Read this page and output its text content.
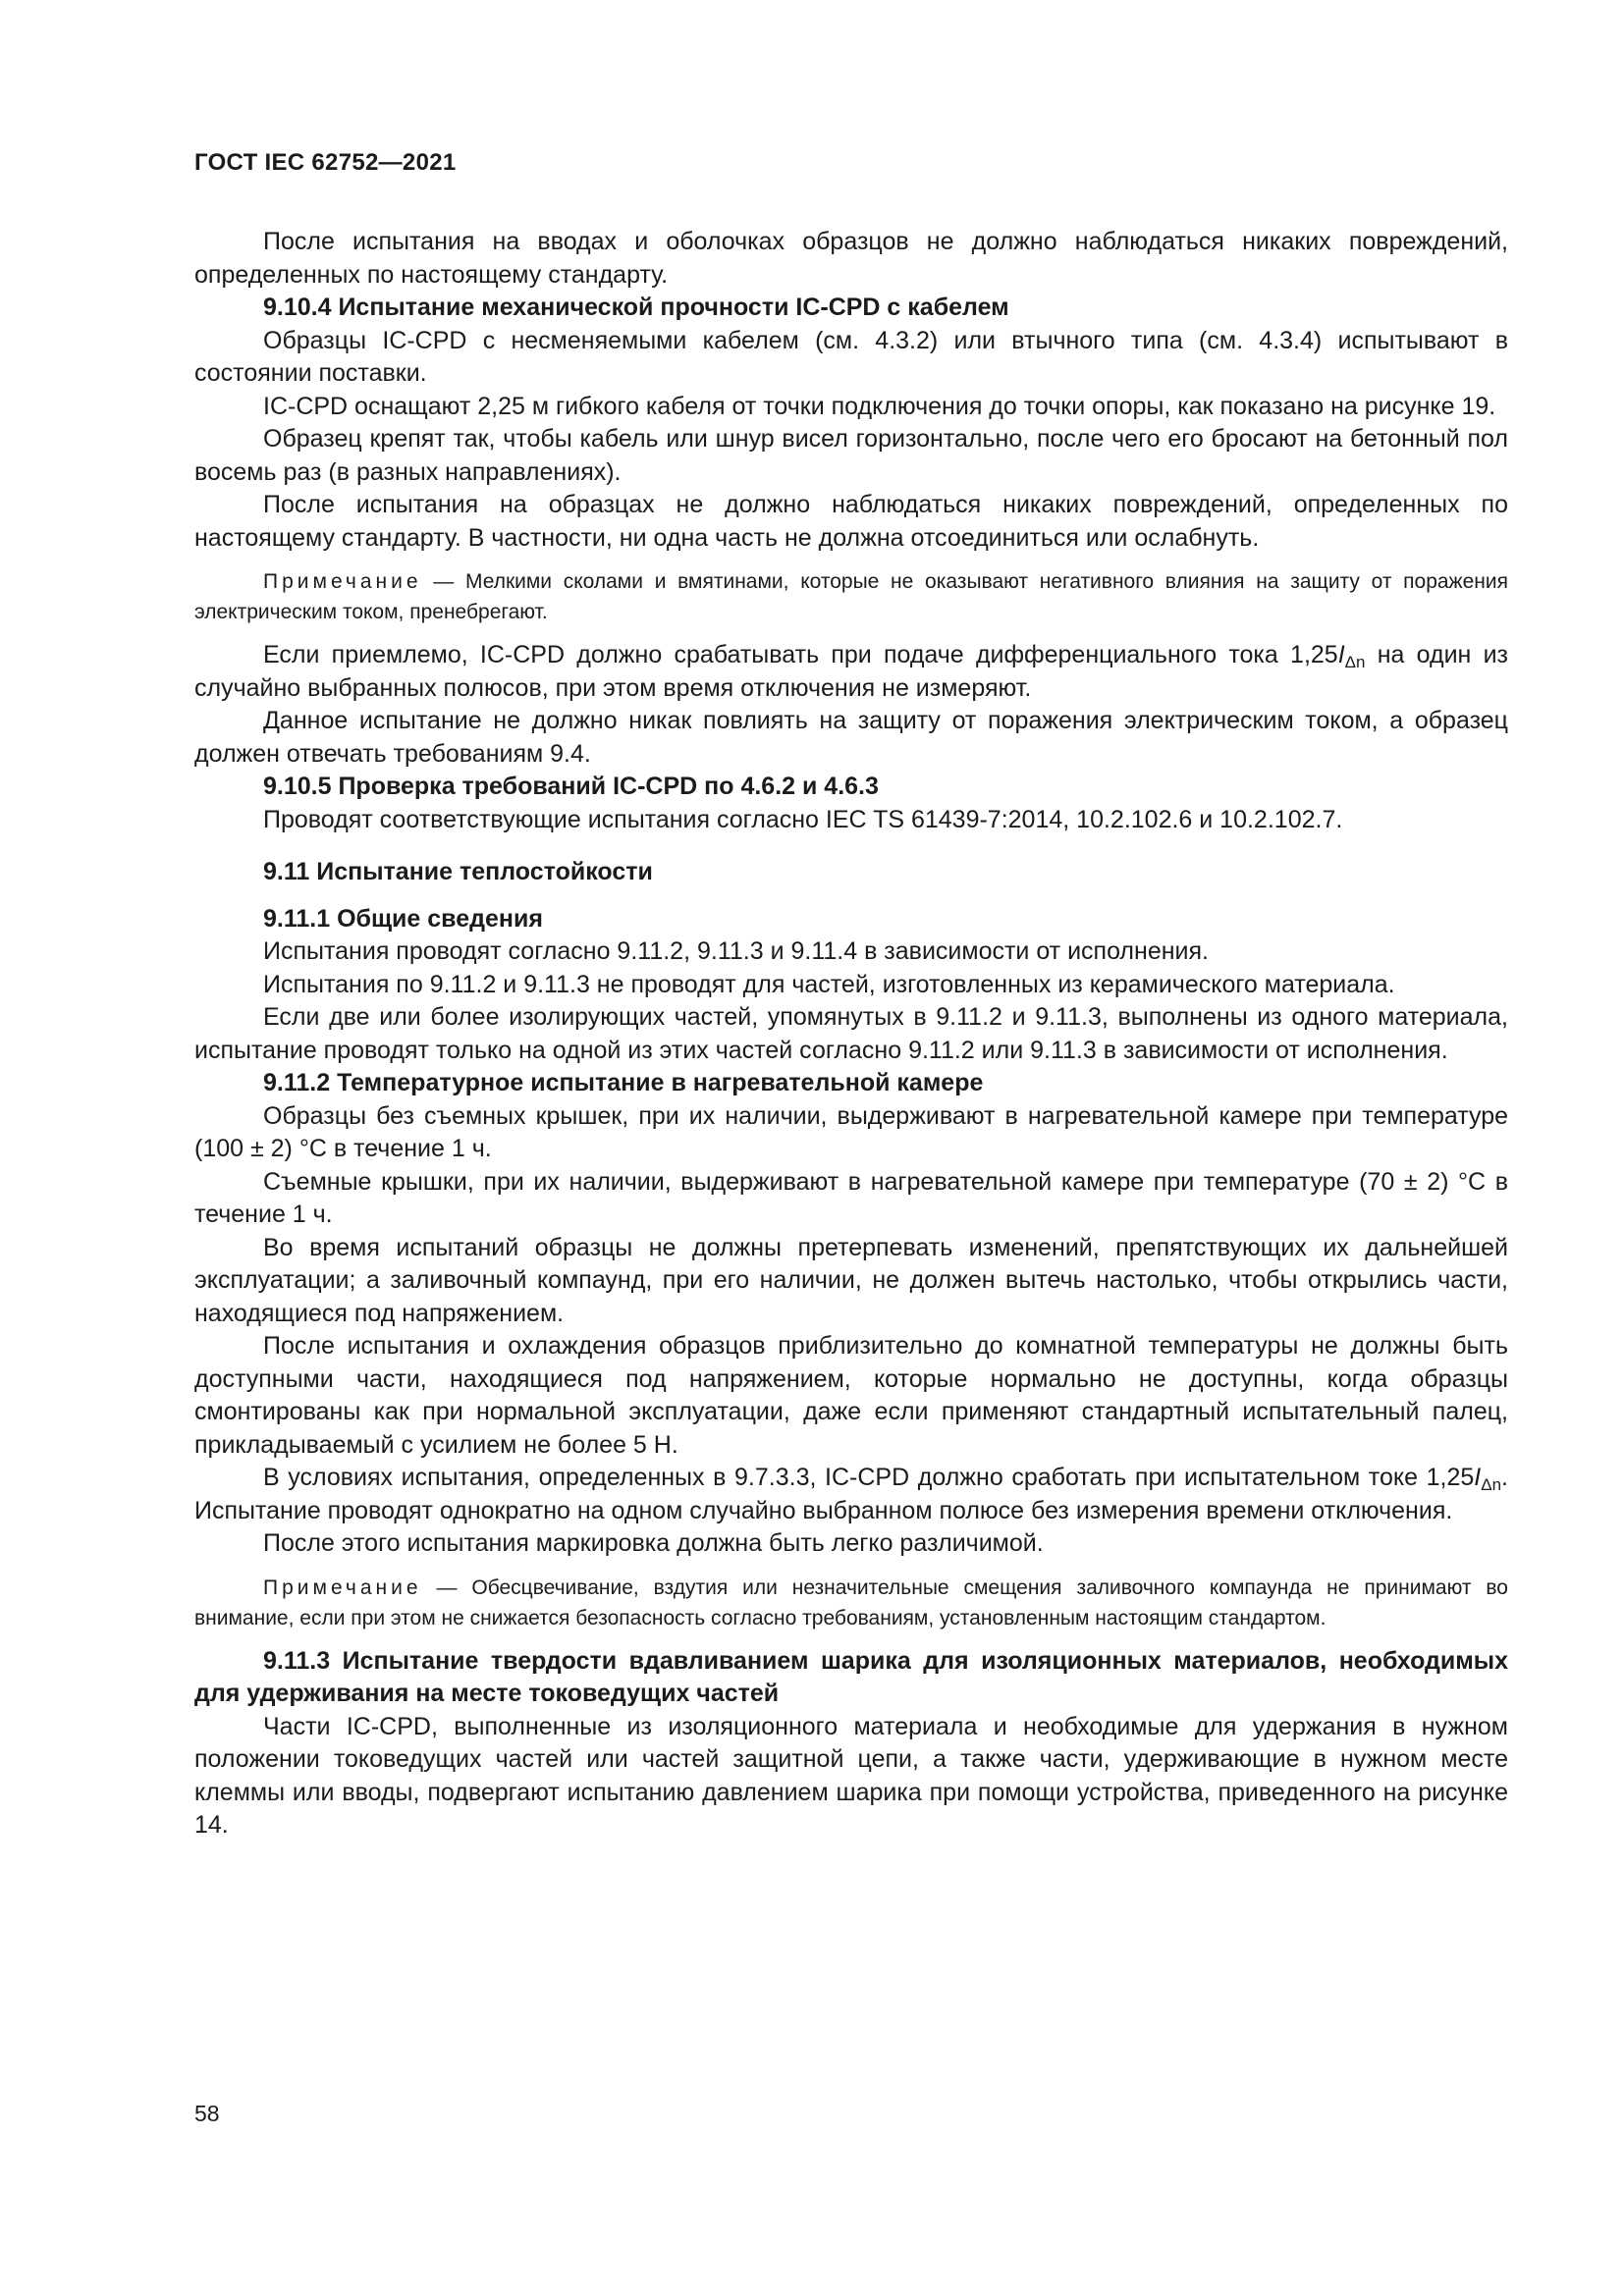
ГОСТ IEC 62752—2021

После испытания на вводах и оболочках образцов не должно наблюдаться никаких повреждений, определенных по настоящему стандарту.

9.10.4 Испытание механической прочности IC-CPD с кабелем

Образцы IC-CPD с несменяемыми кабелем (см. 4.3.2) или втычного типа (см. 4.3.4) испытывают в состоянии поставки.

IC-CPD оснащают 2,25 м гибкого кабеля от точки подключения до точки опоры, как показано на рисунке 19.

Образец крепят так, чтобы кабель или шнур висел горизонтально, после чего его бросают на бетонный пол восемь раз (в разных направлениях).

После испытания на образцах не должно наблюдаться никаких повреждений, определенных по настоящему стандарту. В частности, ни одна часть не должна отсоединиться или ослабнуть.

Примечание — Мелкими сколами и вмятинами, которые не оказывают негативного влияния на защиту от поражения электрическим током, пренебрегают.

Если приемлемо, IC-CPD должно срабатывать при подаче дифференциального тока $1,25I_{\Delta n}$ на один из случайно выбранных полюсов, при этом время отключения не измеряют.

Данное испытание не должно никак повлиять на защиту от поражения электрическим током, а образец должен отвечать требованиям 9.4.

9.10.5 Проверка требований IC-CPD по 4.6.2 и 4.6.3

Проводят соответствующие испытания согласно IEC TS 61439-7:2014, 10.2.102.6 и 10.2.102.7.

9.11 Испытание теплостойкости

9.11.1 Общие сведения

Испытания проводят согласно 9.11.2, 9.11.3 и 9.11.4 в зависимости от исполнения.

Испытания по 9.11.2 и 9.11.3 не проводят для частей, изготовленных из керамического материала.

Если две или более изолирующих частей, упомянутых в 9.11.2 и 9.11.3, выполнены из одного материала, испытание проводят только на одной из этих частей согласно 9.11.2 или 9.11.3 в зависимости от исполнения.

9.11.2 Температурное испытание в нагревательной камере

Образцы без съемных крышек, при их наличии, выдерживают в нагревательной камере при температуре (100 ± 2) °С в течение 1 ч.

Съемные крышки, при их наличии, выдерживают в нагревательной камере при температуре (70 ± 2) °С в течение 1 ч.

Во время испытаний образцы не должны претерпевать изменений, препятствующих их дальнейшей эксплуатации; а заливочный компаунд, при его наличии, не должен вытечь настолько, чтобы открылись части, находящиеся под напряжением.

После испытания и охлаждения образцов приблизительно до комнатной температуры не должны быть доступными части, находящиеся под напряжением, которые нормально не доступны, когда образцы смонтированы как при нормальной эксплуатации, даже если применяют стандартный испытательный палец, прикладываемый с усилием не более 5 Н.

В условиях испытания, определенных в 9.7.3.3, IC-CPD должно сработать при испытательном токе $1,25I_{\Delta n}$. Испытание проводят однократно на одном случайно выбранном полюсе без измерения времени отключения.

После этого испытания маркировка должна быть легко различимой.

Примечание — Обесцвечивание, вздутия или незначительные смещения заливочного компаунда не принимают во внимание, если при этом не снижается безопасность согласно требованиям, установленным настоящим стандартом.

9.11.3 Испытание твердости вдавливанием шарика для изоляционных материалов, необходимых для удерживания на месте токоведущих частей

Части IC-CPD, выполненные из изоляционного материала и необходимые для удержания в нужном положении токоведущих частей или частей защитной цепи, а также части, удерживающие в нужном месте клеммы или вводы, подвергают испытанию давлением шарика при помощи устройства, приведенного на рисунке 14.

58
